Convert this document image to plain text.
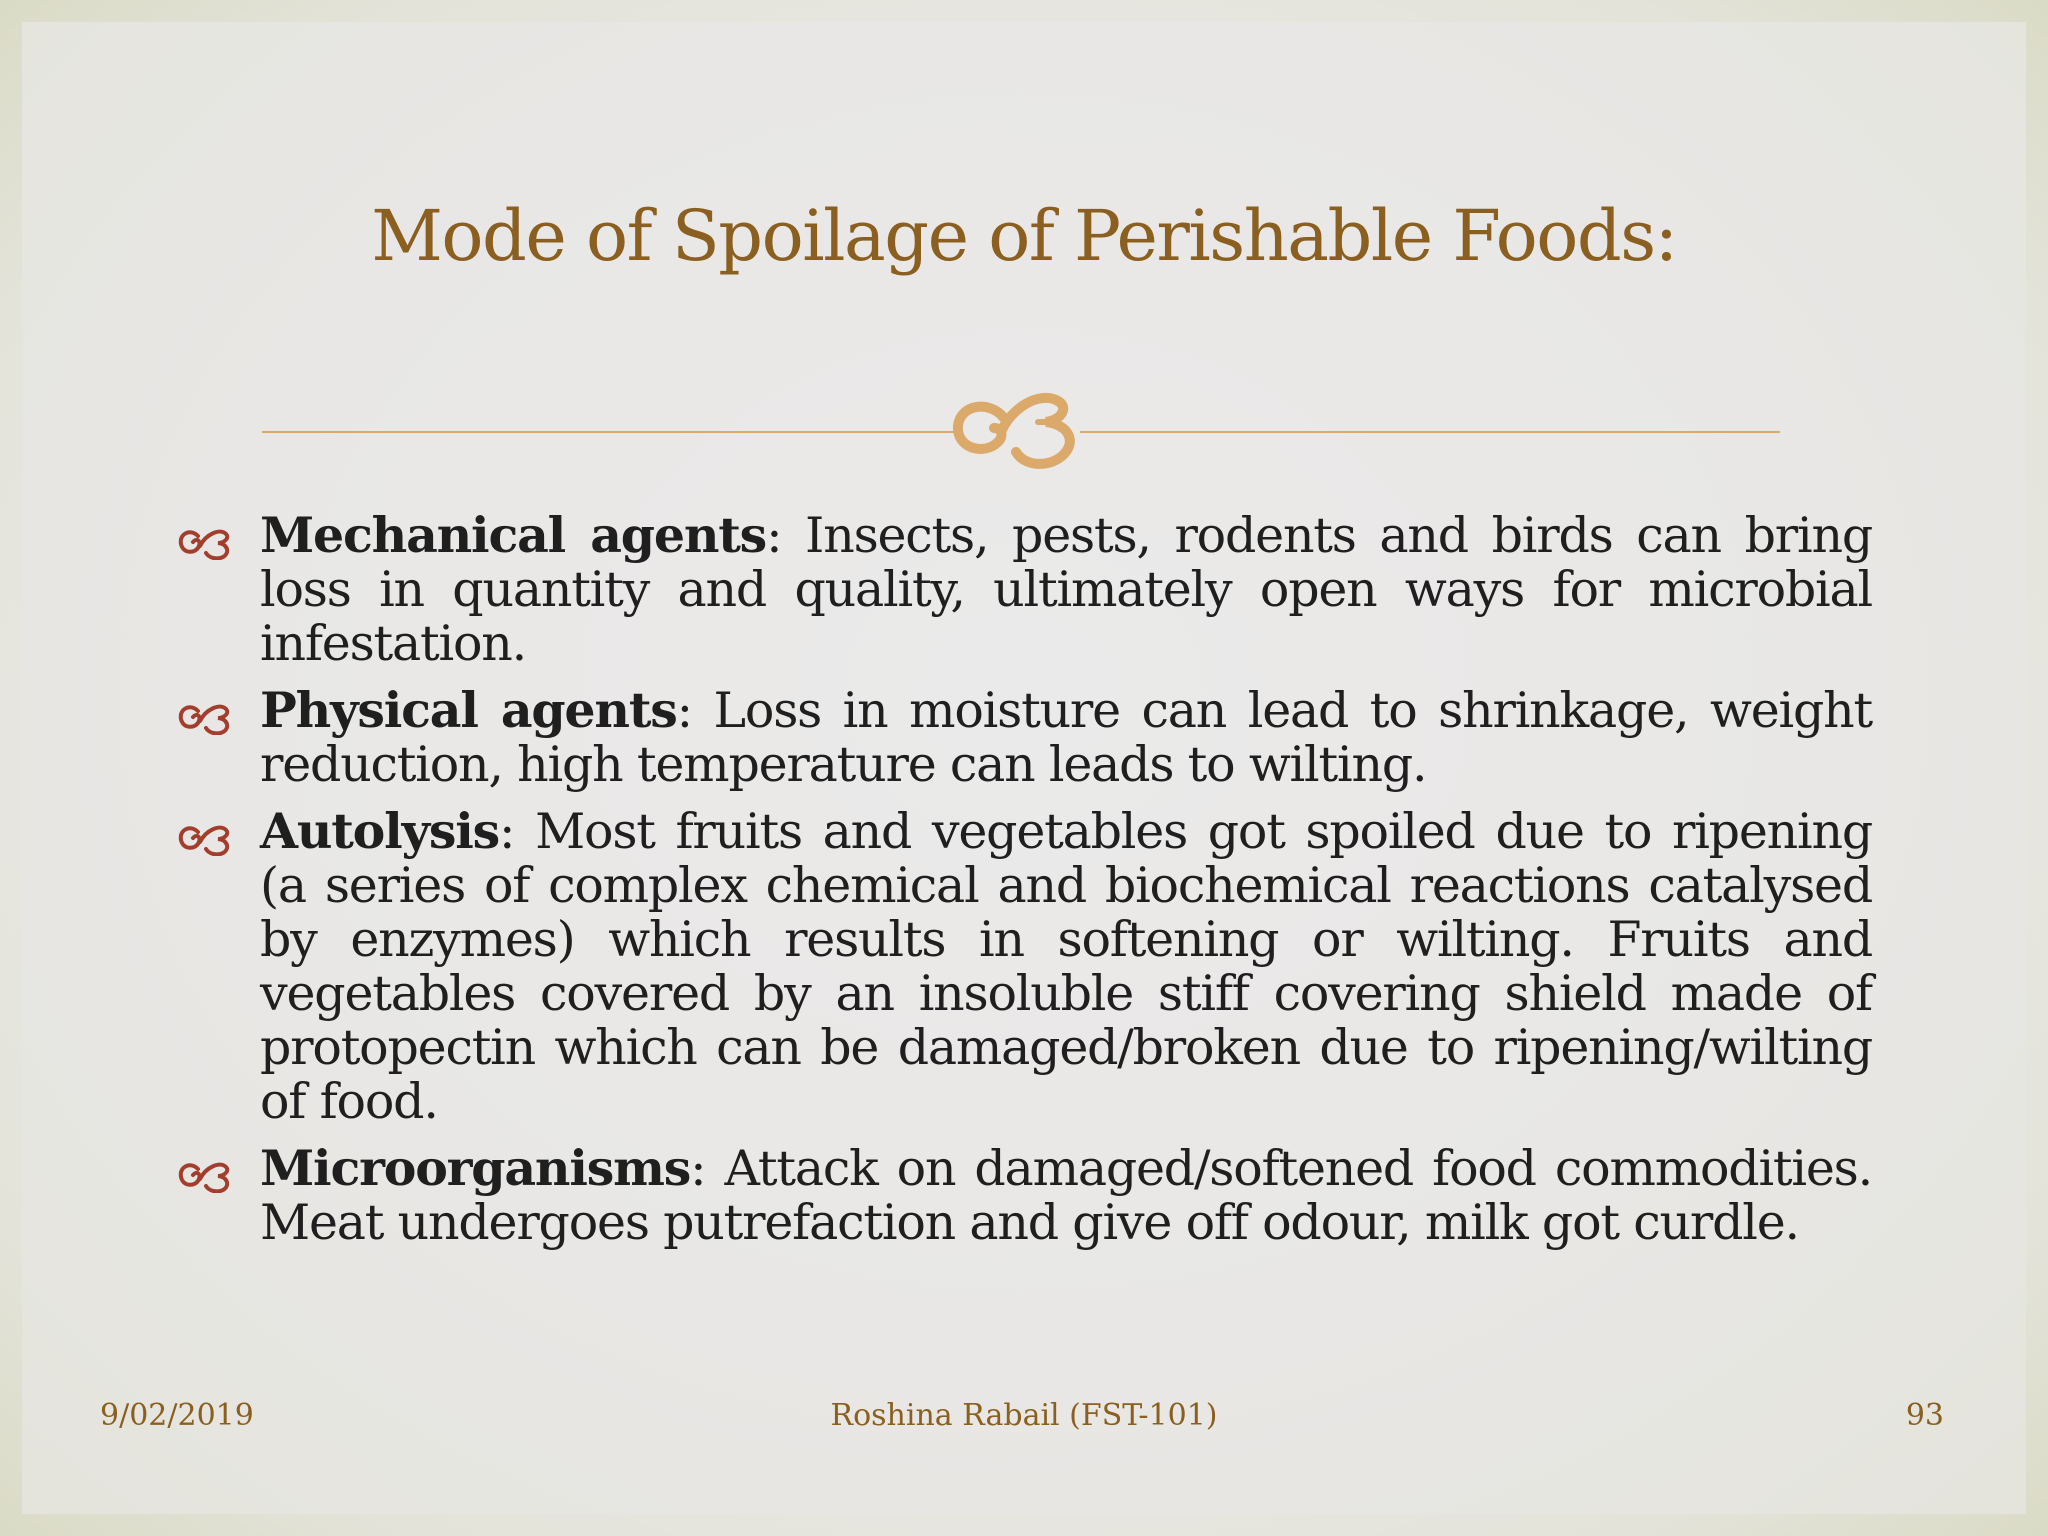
Mode of Spoilage of Perishable Foods:
Mechanical agents: Insects, pests, rodents and birds can bring loss in quantity and quality, ultimately open ways for microbial infestation.
Physical agents: Loss in moisture can lead to shrinkage, weight reduction, high temperature can leads to wilting.
Autolysis: Most fruits and vegetables got spoiled due to ripening (a series of complex chemical and biochemical reactions catalysed by enzymes) which results in softening or wilting. Fruits and vegetables covered by an insoluble stiff covering shield made of protopectin which can be damaged/broken due to ripening/wilting of food.
Microorganisms: Attack on damaged/softened food commodities. Meat undergoes putrefaction and give off odour, milk got curdle.
9/02/2019	Roshina Rabail (FST-101)	93
